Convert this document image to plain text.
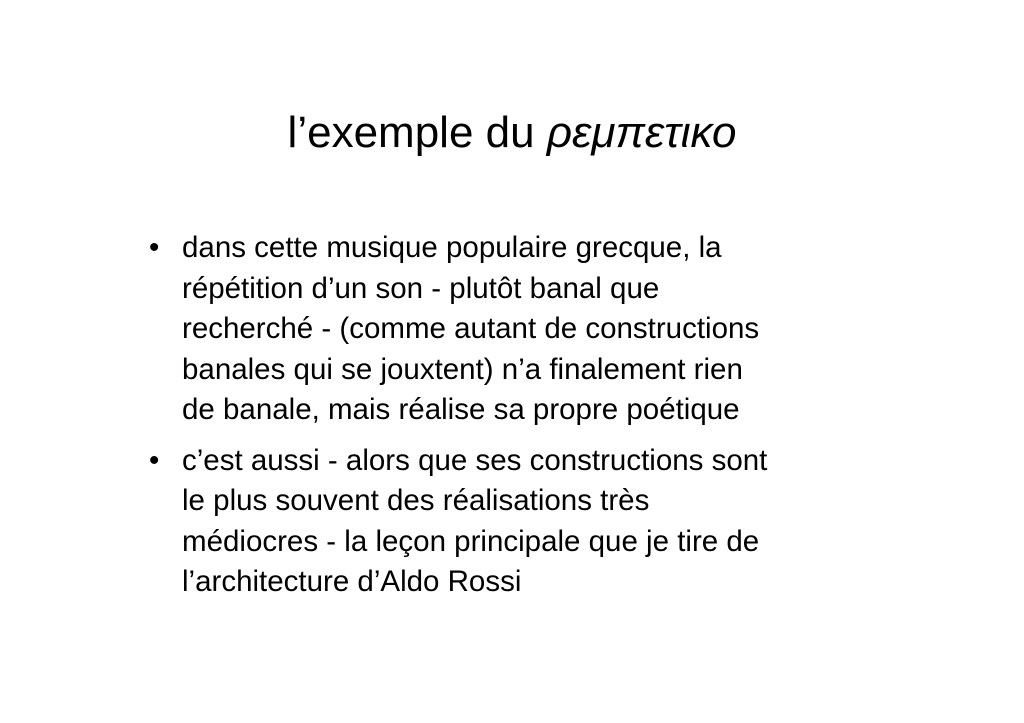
l’exemple du ρεμπετικο
• dans cette musique populaire grecque, la
répétition d’un son - plutôt banal que
recherché - (comme autant de constructions
banales qui se jouxtent) n’a finalement rien
de banale, mais réalise sa propre poétique
• c’est aussi - alors que ses constructions sont
le plus souvent des réalisations très
médiocres - la leçon principale que je tire de
l’architecture d’Aldo Rossi
